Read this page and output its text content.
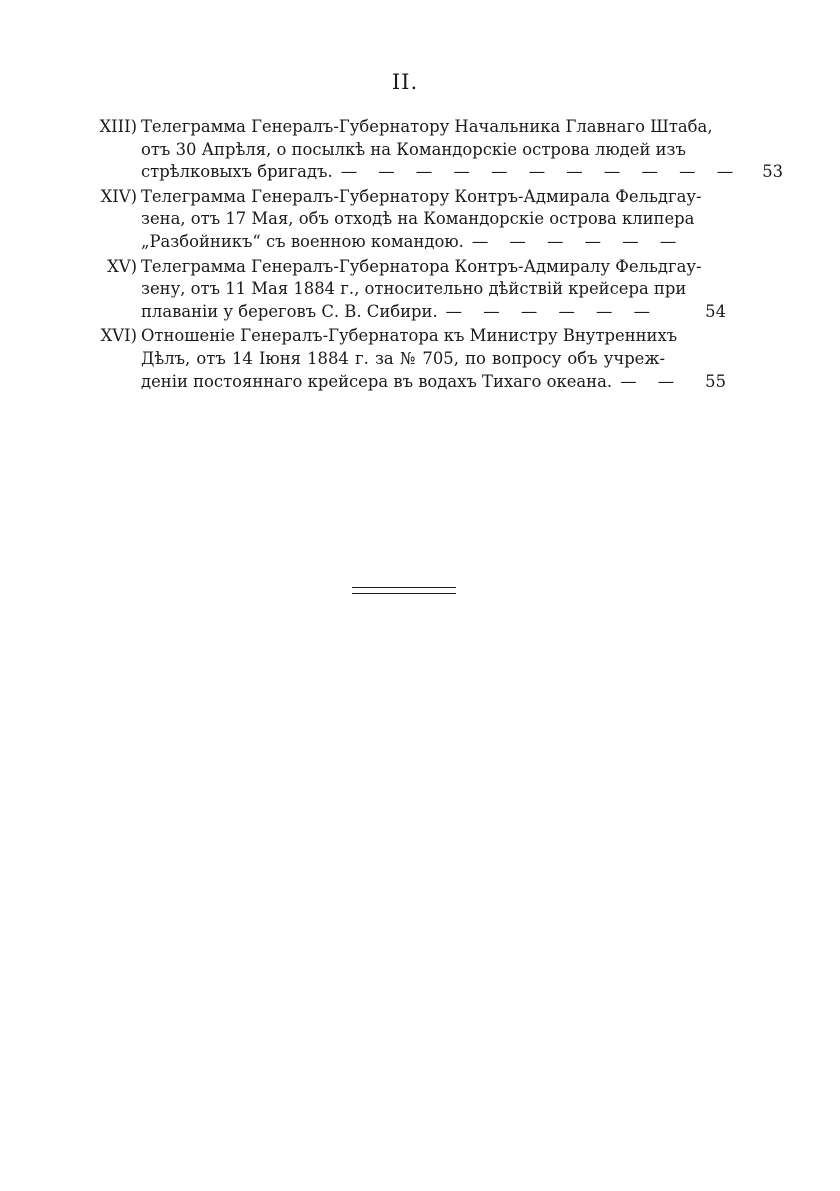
II.
XIII) Телеграмма Генералъ-Губернатору Начальника Главнаго Штаба,
отъ 30 Апрѣля, о посылкѣ на Командорскіе острова людей изъ
стрѣлковыхъ бригадъ. — — — — — — — — — — —	53
XIV) Телеграмма Генералъ-Губернатору Контръ-Адмирала Фельдгау-
зена, отъ 17 Мая, объ отходѣ на Командорскіе острова клипера
„Разбойникъ“ съ военною командою. — — — — — —
XV) Телеграмма Генералъ-Губернатора Контръ-Адмиралу Фельдгау-
зену, отъ 11 Мая 1884 г., относительно дѣйствій крейсера при
плаваніи у береговъ С. В. Сибири. — — — — — —	54
XVI) Отношеніе Генералъ-Губернатора къ Министру Внутреннихъ
Дѣлъ, отъ 14 Іюня 1884 г. за № 705, по вопросу объ учреж-
деніи постояннаго крейсера въ водахъ Тихаго океана. — —	55
